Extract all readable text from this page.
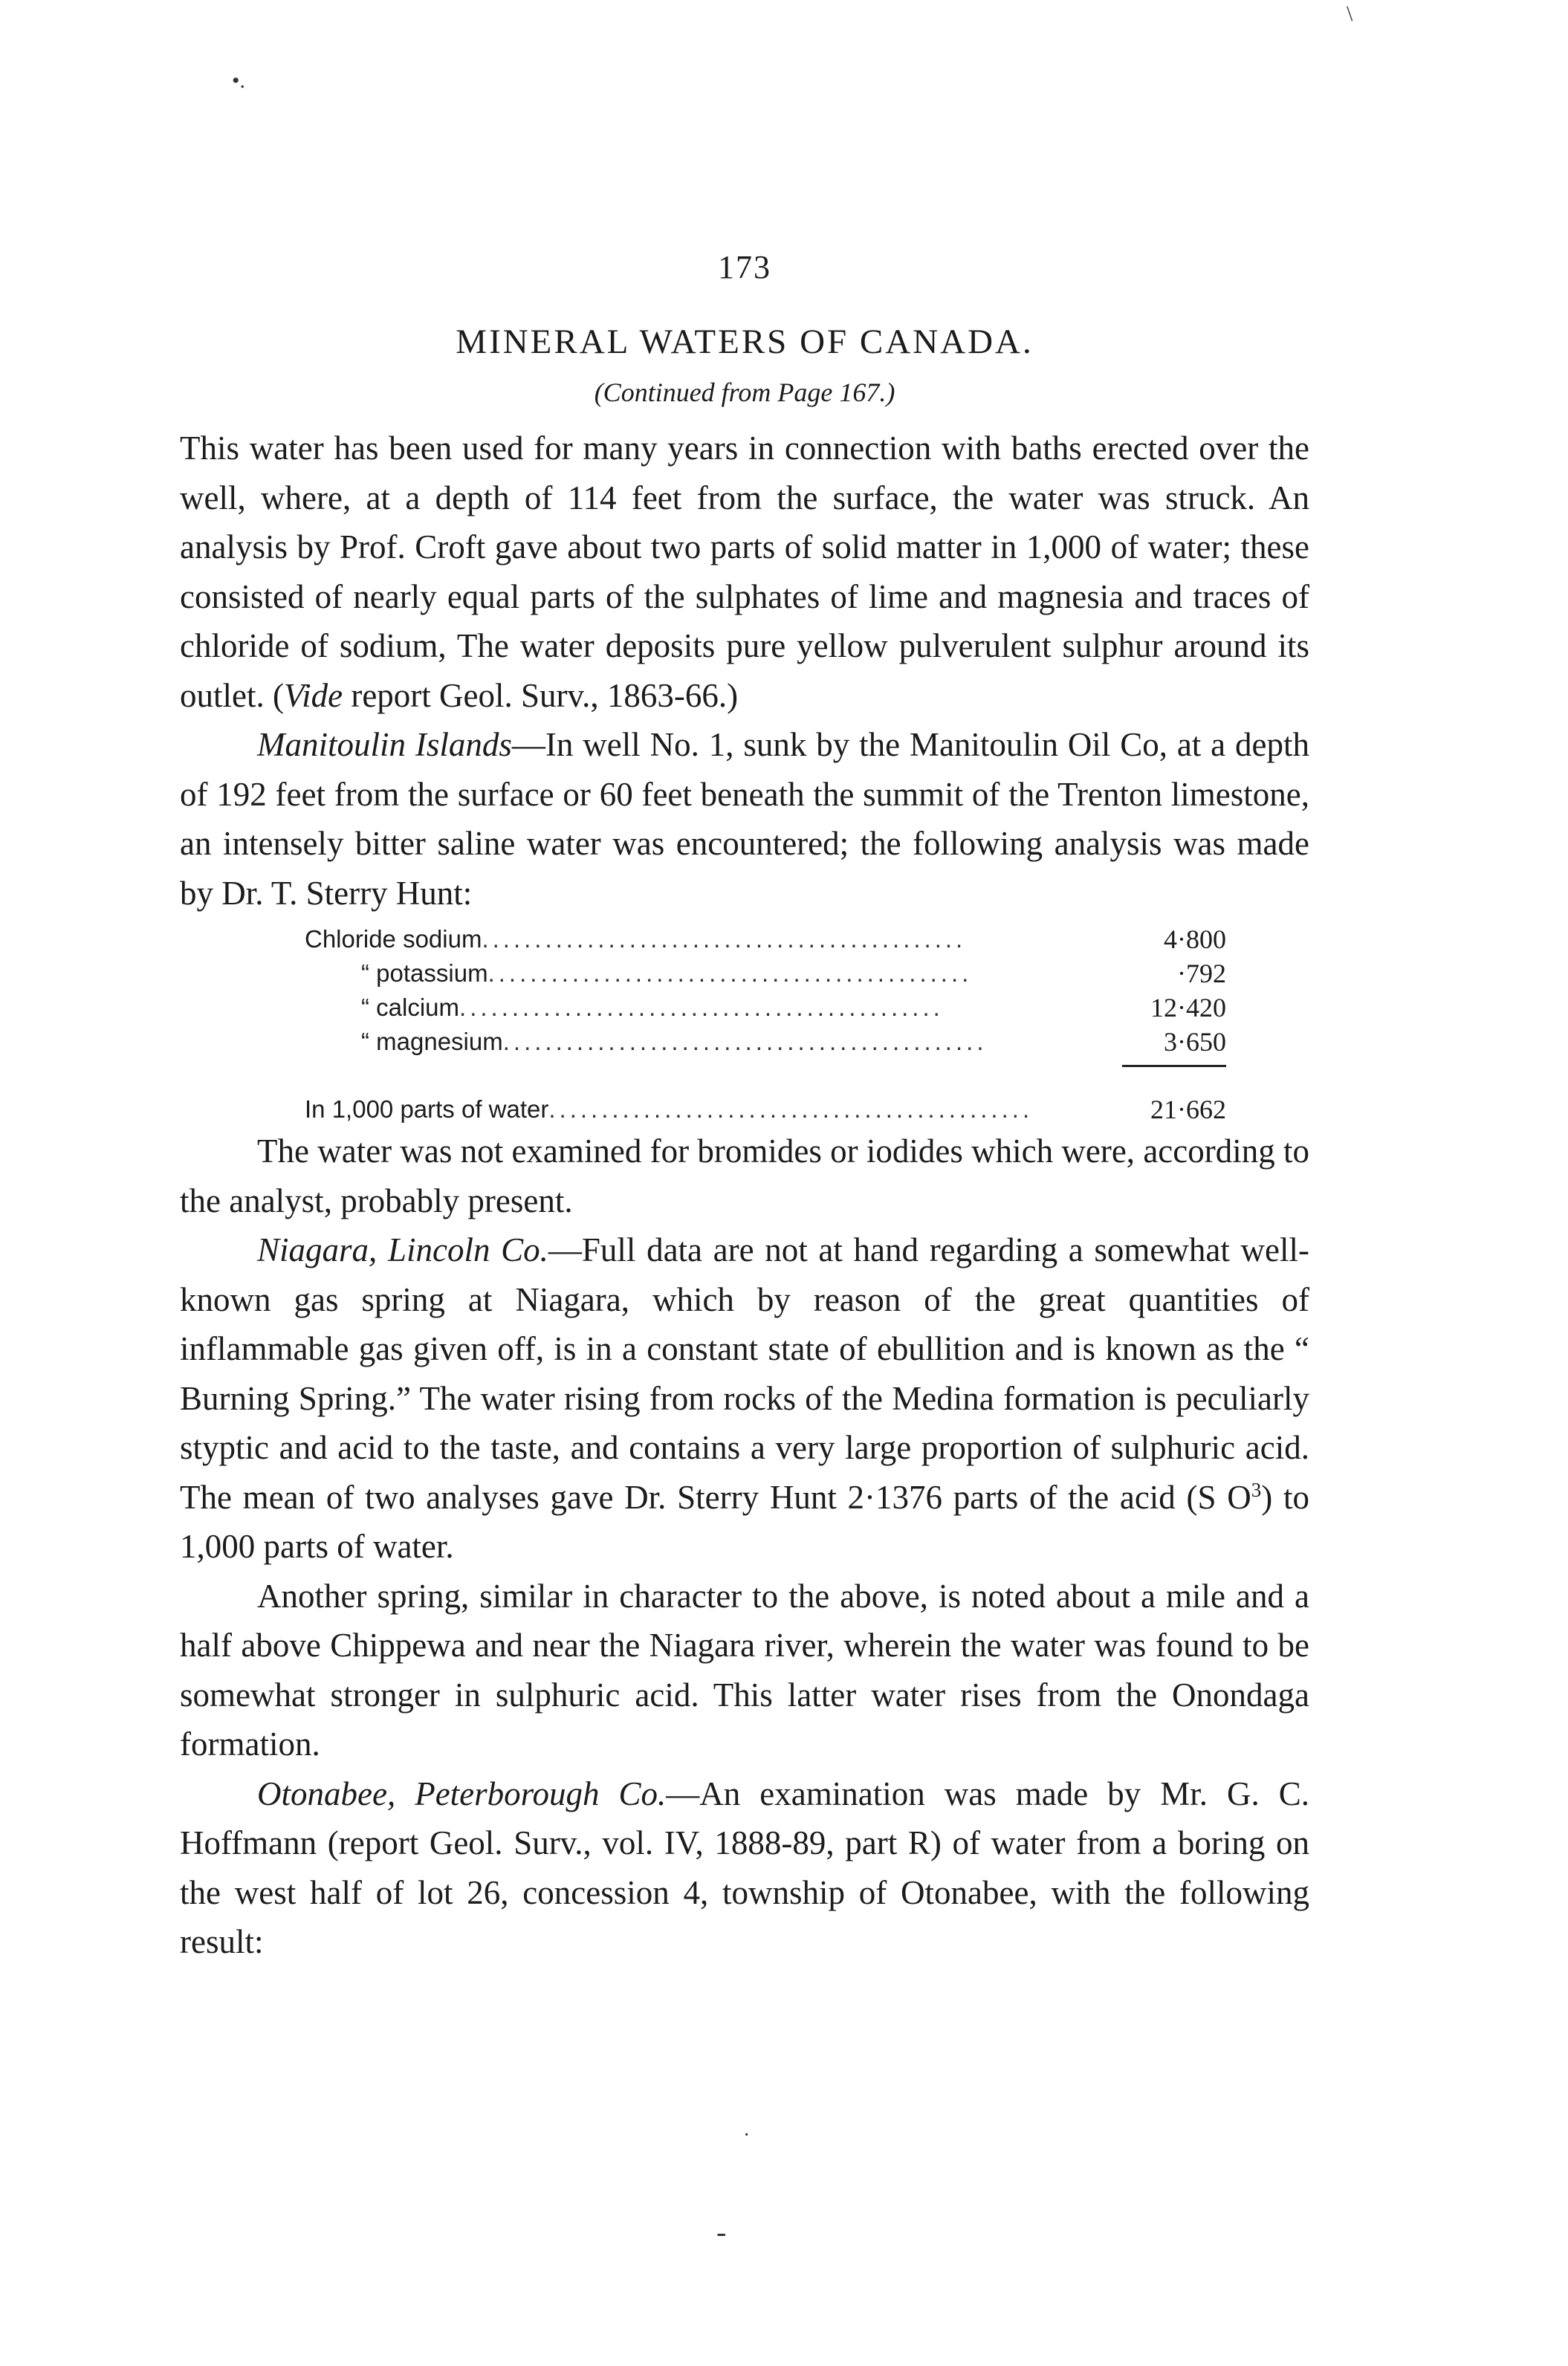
•.
\
173
MINERAL WATERS OF CANADA.
(Continued from Page 167.)

This water has been used for many years in connection with baths erected over the well, where, at a depth of 114 feet from the surface, the water was struck. An analysis by Prof. Croft gave about two parts of solid matter in 1,000 of water; these consisted of nearly equal parts of the sulphates of lime and magnesia and traces of chloride of sodium, The water deposits pure yellow pulverulent sulphur around its outlet. (Vide report Geol. Surv., 1863-66.)

Manitoulin Islands—In well No. 1, sunk by the Manitoulin Oil Co, at a depth of 192 feet from the surface or 60 feet beneath the summit of the Trenton limestone, an intensely bitter saline water was encountered; the following analysis was made by Dr. T. Sterry Hunt:

Chloride sodium..............................................	4·800
“ potassium..............................................	·792
“ calcium..............................................	12·420
“ magnesium..............................................	3·650

In 1,000 parts of water..............................................	21·662

The water was not examined for bromides or iodides which were, according to the analyst, probably present.

Niagara, Lincoln Co.—Full data are not at hand regarding a somewhat well-known gas spring at Niagara, which by reason of the great quantities of inflammable gas given off, is in a constant state of ebullition and is known as the “ Burning Spring.” The water rising from rocks of the Medina formation is peculiarly styptic and acid to the taste, and contains a very large proportion of sulphuric acid. The mean of two analyses gave Dr. Sterry Hunt 2·1376 parts of the acid (S $O^3$) to 1,000 parts of water.

Another spring, similar in character to the above, is noted about a mile and a half above Chippewa and near the Niagara river, wherein the water was found to be somewhat stronger in sulphuric acid. This latter water rises from the Onondaga formation.

Otonabee, Peterborough Co.—An examination was made by Mr. G. C. Hoffmann (report Geol. Surv., vol. IV, 1888-89, part R) of water from a boring on the west half of lot 26, concession 4, township of Otonabee, with the following result:

·
-
